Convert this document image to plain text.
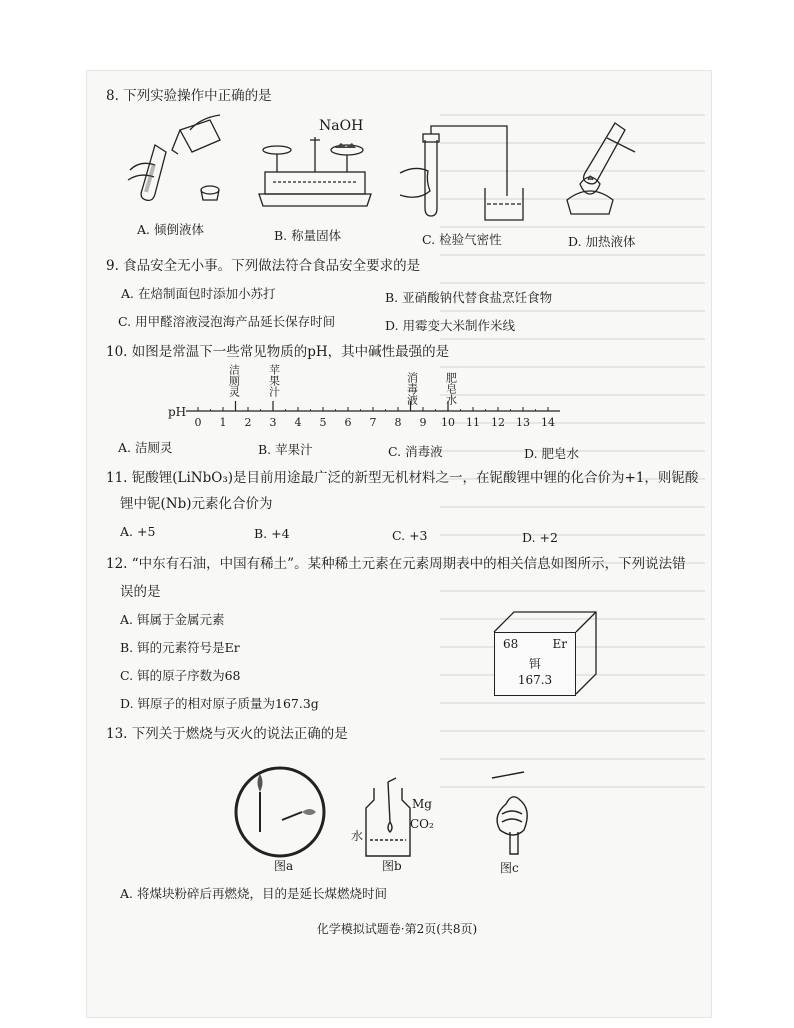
8. 下列实验操作中正确的是
NaOH
A. 倾倒液体	B. 称量固体	C. 检验气密性	D. 加热液体
9. 食品安全无小事。下列做法符合食品安全要求的是
A. 在焙制面包时添加小苏打	B. 亚硝酸钠代替食盐烹饪食物
C. 用甲醛溶液浸泡海产品延长保存时间	D. 用霉变大米制作米线
10. 如图是常温下一些常见物质的pH，其中碱性最强的是
洁厕灵 苹果汁	消毒液 肥皂水
pH
0 1 2 3 4 5 6 7 8 9 10 11 12 13 14
A. 洁厕灵	B. 苹果汁	C. 消毒液	D. 肥皂水
11. 铌酸锂(LiNbO₃)是目前用途最广泛的新型无机材料之一，在铌酸锂中锂的化合价为+1，则铌酸
锂中铌(Nb)元素化合价为
A. +5	B. +4	C. +3	D. +2
12. “中东有石油，中国有稀土”。某种稀土元素在元素周期表中的相关信息如图所示，下列说法错
误的是
A. 铒属于金属元素
B. 铒的元素符号是Er
C. 铒的原子序数为68
D. 铒原子的相对原子质量为167.3g
68	Er
铒
167.3
13. 下列关于燃烧与灭火的说法正确的是
图a
Mg
CO₂
水
图b	图c
A. 将煤块粉碎后再燃烧，目的是延长煤燃烧时间
化学模拟试题卷·第2页(共8页)
